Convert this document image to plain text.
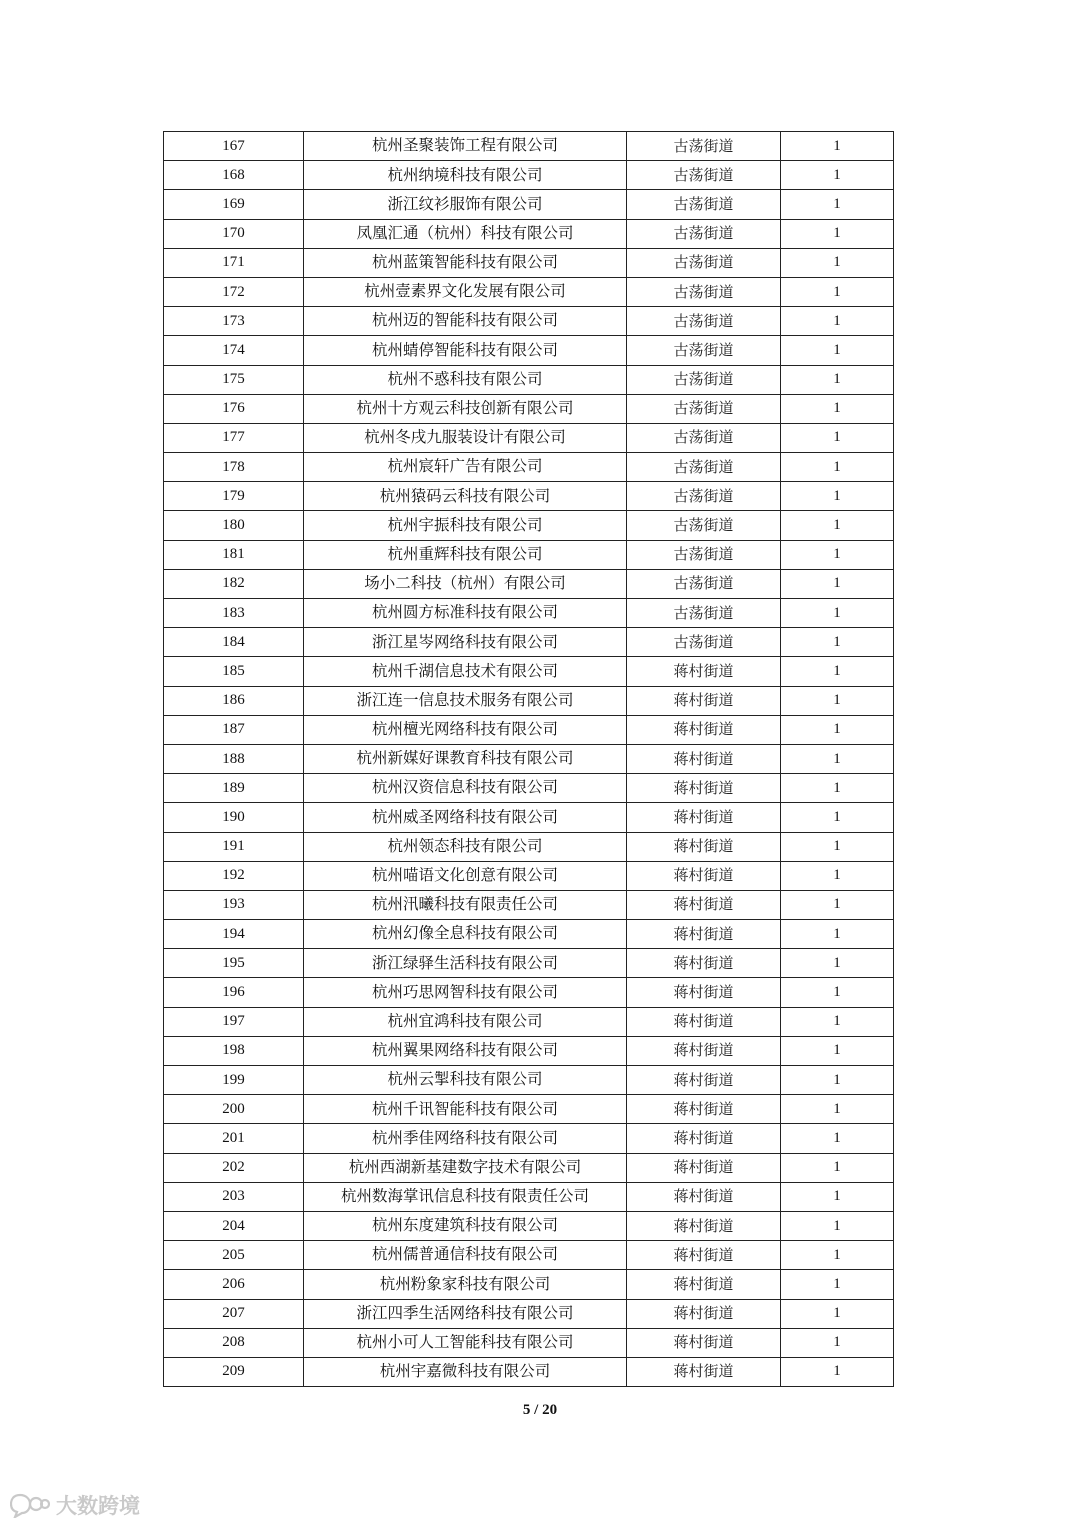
167	杭州圣聚装饰工程有限公司	古荡街道	1
168	杭州纳境科技有限公司	古荡街道	1
169	浙江纹衫服饰有限公司	古荡街道	1
170	凤凰汇通（杭州）科技有限公司	古荡街道	1
171	杭州蓝策智能科技有限公司	古荡街道	1
172	杭州壹素界文化发展有限公司	古荡街道	1
173	杭州迈的智能科技有限公司	古荡街道	1
174	杭州蜻停智能科技有限公司	古荡街道	1
175	杭州不惑科技有限公司	古荡街道	1
176	杭州十方观云科技创新有限公司	古荡街道	1
177	杭州冬戌九服装设计有限公司	古荡街道	1
178	杭州宸轩广告有限公司	古荡街道	1
179	杭州猿码云科技有限公司	古荡街道	1
180	杭州宇振科技有限公司	古荡街道	1
181	杭州重辉科技有限公司	古荡街道	1
182	场小二科技（杭州）有限公司	古荡街道	1
183	杭州圆方标准科技有限公司	古荡街道	1
184	浙江星岑网络科技有限公司	古荡街道	1
185	杭州千湖信息技术有限公司	蒋村街道	1
186	浙江连一信息技术服务有限公司	蒋村街道	1
187	杭州檀光网络科技有限公司	蒋村街道	1
188	杭州新媒好课教育科技有限公司	蒋村街道	1
189	杭州汉资信息科技有限公司	蒋村街道	1
190	杭州威圣网络科技有限公司	蒋村街道	1
191	杭州领态科技有限公司	蒋村街道	1
192	杭州喵语文化创意有限公司	蒋村街道	1
193	杭州汛曦科技有限责任公司	蒋村街道	1
194	杭州幻像全息科技有限公司	蒋村街道	1
195	浙江绿驿生活科技有限公司	蒋村街道	1
196	杭州巧思网智科技有限公司	蒋村街道	1
197	杭州宜鸿科技有限公司	蒋村街道	1
198	杭州翼果网络科技有限公司	蒋村街道	1
199	杭州云掣科技有限公司	蒋村街道	1
200	杭州千讯智能科技有限公司	蒋村街道	1
201	杭州季佳网络科技有限公司	蒋村街道	1
202	杭州西湖新基建数字技术有限公司	蒋村街道	1
203	杭州数海掌讯信息科技有限责任公司	蒋村街道	1
204	杭州东度建筑科技有限公司	蒋村街道	1
205	杭州儒普通信科技有限公司	蒋村街道	1
206	杭州粉象家科技有限公司	蒋村街道	1
207	浙江四季生活网络科技有限公司	蒋村街道	1
208	杭州小可人工智能科技有限公司	蒋村街道	1
209	杭州宇嘉微科技有限公司	蒋村街道	1
5 / 20
大数跨境
